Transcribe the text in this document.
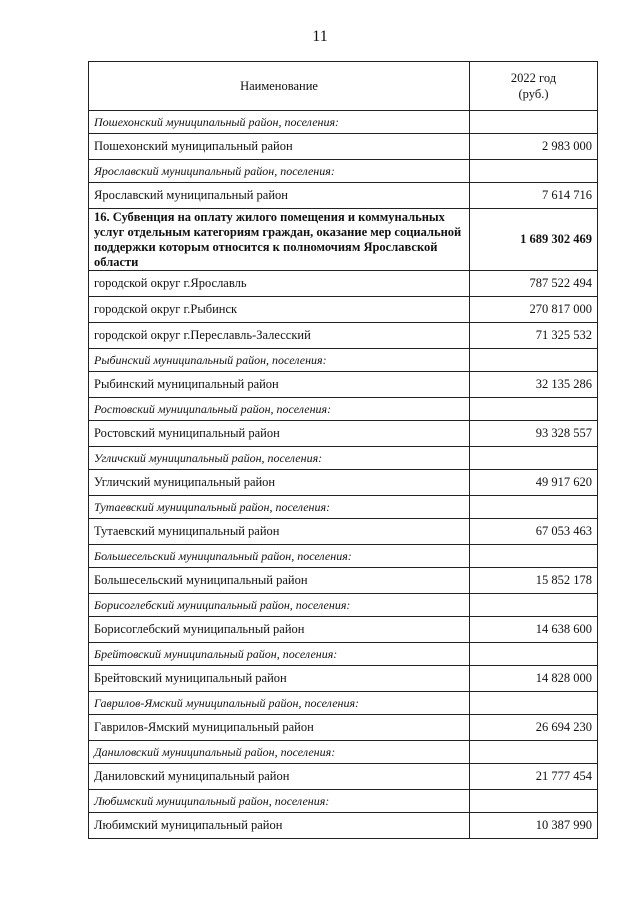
11
Наименование	2022 год
(руб.)
Пошехонский муниципальный район, поселения:	
Пошехонский муниципальный район	2 983 000
Ярославский муниципальный район, поселения:	
Ярославский муниципальный район	7 614 716
16. Субвенция на оплату жилого помещения и коммунальных услуг отдельным категориям граждан, оказание мер социальной поддержки которым относится к полномочиям Ярославской области	1 689 302 469
городской округ г.Ярославль	787 522 494
городской округ г.Рыбинск	270 817 000
городской округ г.Переславль-Залесский	71 325 532
Рыбинский муниципальный район, поселения:	
Рыбинский муниципальный район	32 135 286
Ростовский муниципальный район, поселения:	
Ростовский муниципальный район	93 328 557
Угличский муниципальный район, поселения:	
Угличский муниципальный район	49 917 620
Тутаевский муниципальный район, поселения:	
Тутаевский муниципальный район	67 053 463
Большесельский муниципальный район, поселения:	
Большесельский муниципальный район	15 852 178
Борисоглебский муниципальный район, поселения:	
Борисоглебский муниципальный район	14 638 600
Брейтовский муниципальный район, поселения:	
Брейтовский муниципальный район	14 828 000
Гаврилов-Ямский муниципальный район, поселения:	
Гаврилов-Ямский муниципальный район	26 694 230
Даниловский муниципальный район, поселения:	
Даниловский муниципальный район	21 777 454
Любимский муниципальный район, поселения:	
Любимский муниципальный район	10 387 990
